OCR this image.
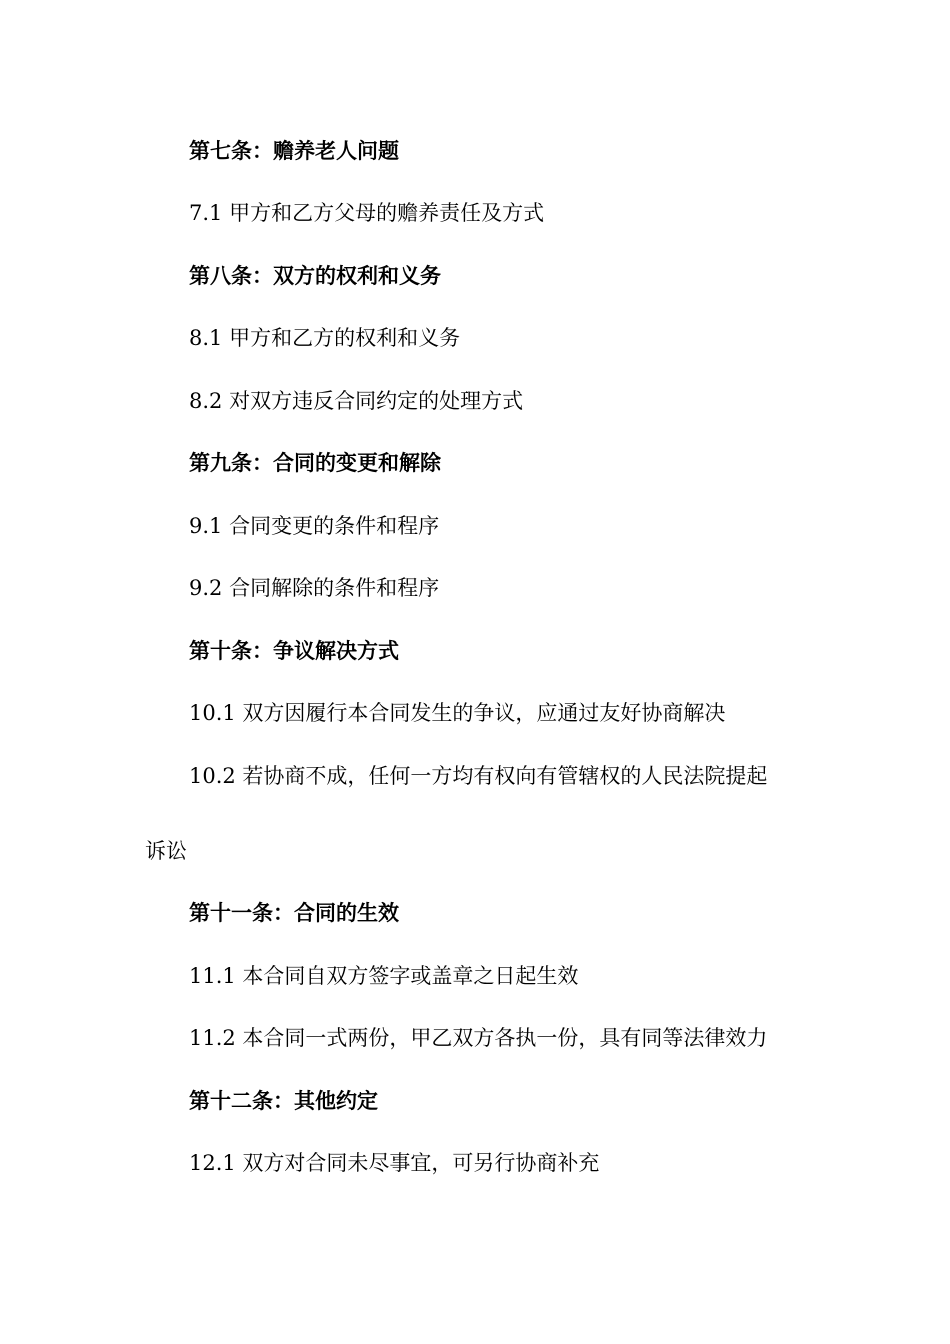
第七条：赡养老人问题
7.1 甲方和乙方父母的赡养责任及方式
第八条：双方的权利和义务
8.1 甲方和乙方的权利和义务
8.2 对双方违反合同约定的处理方式
第九条：合同的变更和解除
9.1 合同变更的条件和程序
9.2 合同解除的条件和程序
第十条：争议解决方式
10.1 双方因履行本合同发生的争议，应通过友好协商解决
10.2 若协商不成，任何一方均有权向有管辖权的人民法院提起
诉讼
第十一条：合同的生效
11.1 本合同自双方签字或盖章之日起生效
11.2 本合同一式两份，甲乙双方各执一份，具有同等法律效力
第十二条：其他约定
12.1 双方对合同未尽事宜，可另行协商补充
